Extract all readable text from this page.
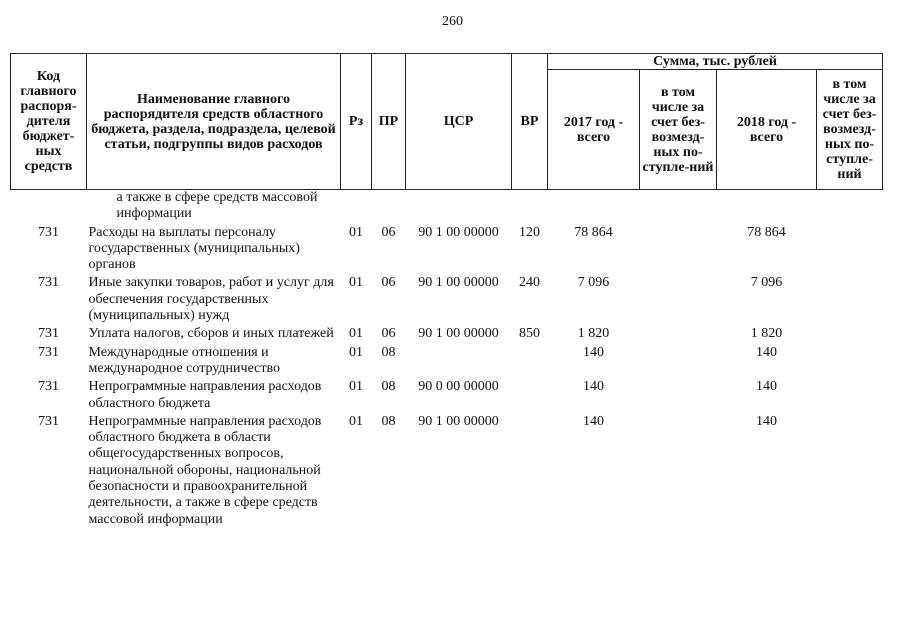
260
Код главного распоря-дителя бюджет-ных средств	Наименование главного распорядителя средств областного бюджета, раздела, подраздела, целевой статьи, подгруппы видов расходов	Рз	ПР	ЦСР	ВР	Сумма, тыс. рублей			
						2017 год - всего	в том числе за счет без-возмезд-ных по-ступле-ний	2018 год - всего	в том числе за счет без-возмезд-ных по-ступле-ний
	а также в сфере средств массовой информации								

731	Расходы на выплаты персоналу государственных (муниципальных) органов	01	06	90 1 00 00000	120	78 864		78 864	

731	Иные закупки товаров, работ и услуг для обеспечения государственных (муниципальных) нужд	01	06	90 1 00 00000	240	7 096		7 096	

731	Уплата налогов, сборов и иных платежей	01	06	90 1 00 00000	850	1 820		1 820	

731	Международные отношения и международное сотрудничество	01	08			140		140	

731	Непрограммные направления расходов областного бюджета	01	08	90 0 00 00000		140		140	

731	Непрограммные направления расходов областного бюджета в области общегосударственных вопросов, национальной обороны, национальной безопасности и правоохранительной деятельности, а также в сфере средств массовой информации	01	08	90 1 00 00000		140		140	
